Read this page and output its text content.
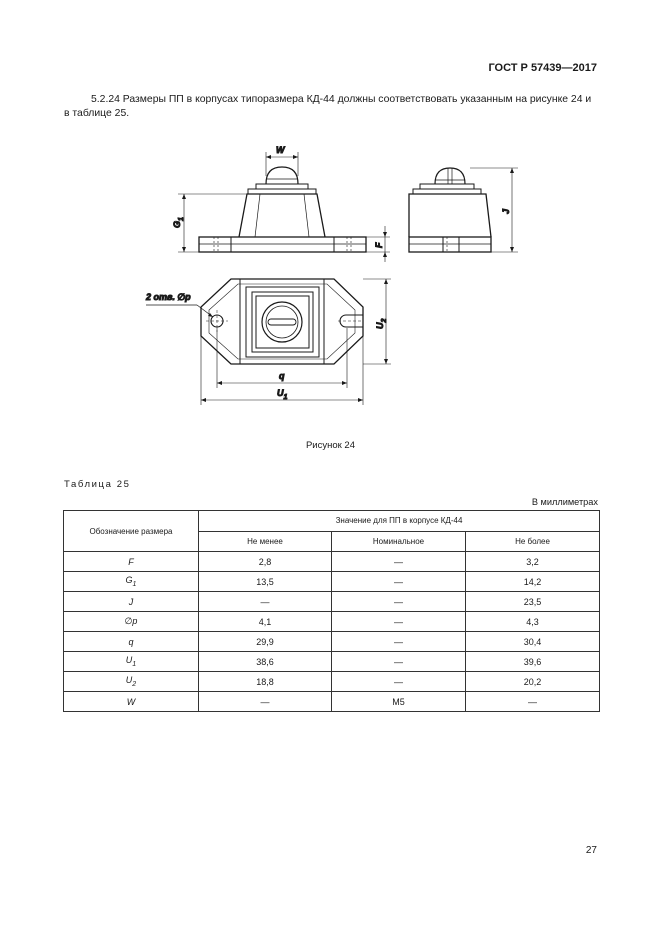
ГОСТ Р 57439—2017
5.2.24 Размеры ПП в корпусах типоразмера КД-44 должны соответствовать указанным на рисунке 24 и в таблице 25.
W
$G_1$
F
J
2 отв. ∅p
$U_2$
q
$U_1$
Рисунок 24
Таблица 25
В миллиметрах
Обозначение размера	Значение для ПП в корпусе КД-44		
	Не менее	Номинальное	Не более
F	2,8	—	3,2
$G_1$	13,5	—	14,2
J	—	—	23,5
∅p	4,1	—	4,3
q	29,9	—	30,4
$U_1$	38,6	—	39,6
$U_2$	18,8	—	20,2
W	—	M5	—
27
